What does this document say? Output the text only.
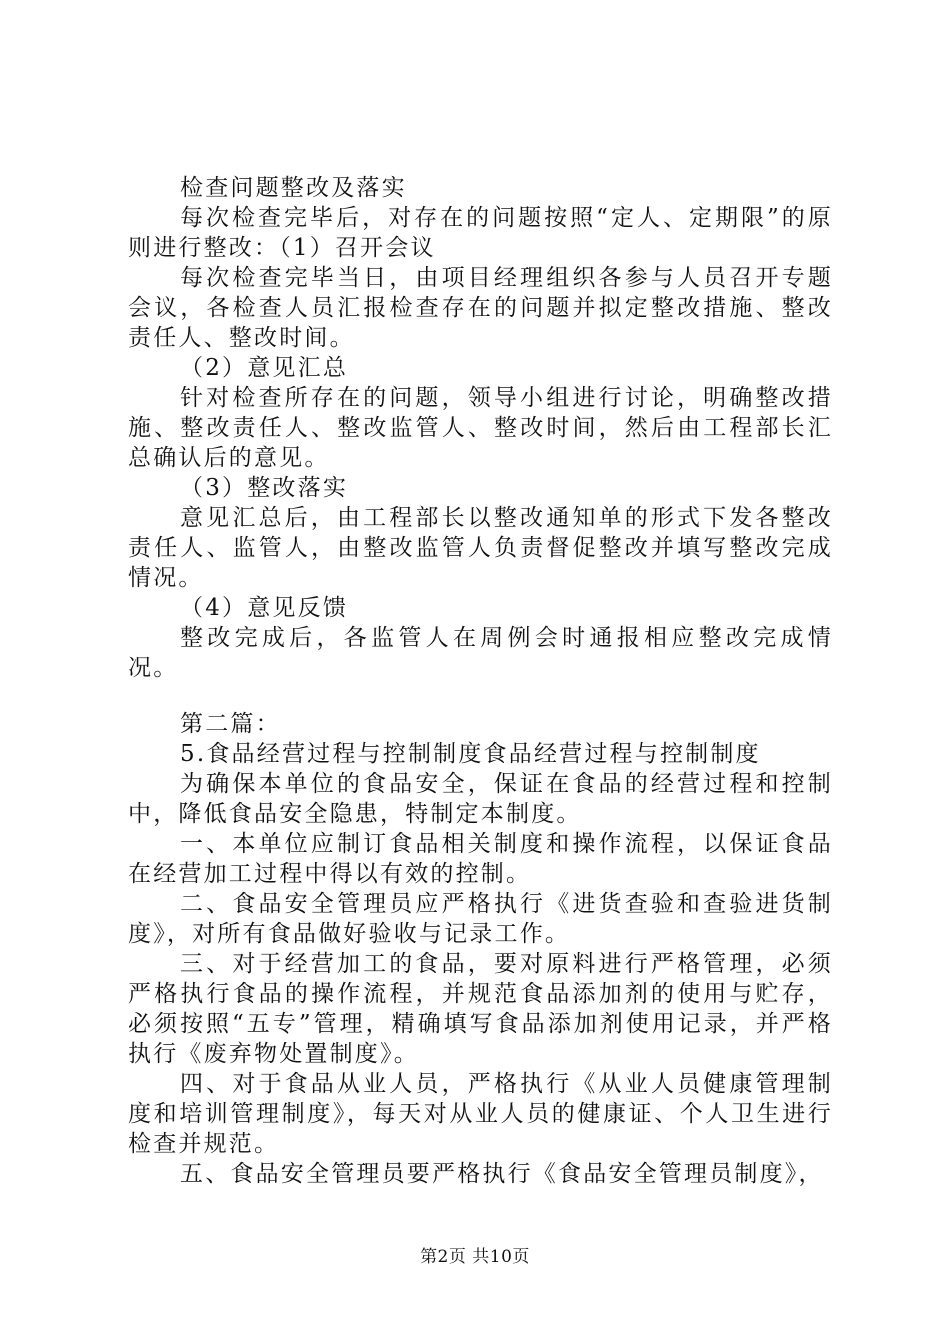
检查问题整改及落实

每次检查完毕后，对存在的问题按照“定人、定期限”的原则进行整改：（1）召开会议

每次检查完毕当日，由项目经理组织各参与人员召开专题会议，各检查人员汇报检查存在的问题并拟定整改措施、整改责任人、整改时间。

（2）意见汇总

针对检查所存在的问题，领导小组进行讨论，明确整改措施、整改责任人、整改监管人、整改时间，然后由工程部长汇总确认后的意见。

（3）整改落实

意见汇总后，由工程部长以整改通知单的形式下发各整改责任人、监管人，由整改监管人负责督促整改并填写整改完成情况。

（4）意见反馈

整改完成后，各监管人在周例会时通报相应整改完成情况。

第二篇：

5.食品经营过程与控制制度食品经营过程与控制制度

为确保本单位的食品安全，保证在食品的经营过程和控制中，降低食品安全隐患，特制定本制度。

一、本单位应制订食品相关制度和操作流程，以保证食品在经营加工过程中得以有效的控制。

二、食品安全管理员应严格执行《进货查验和查验进货制度》，对所有食品做好验收与记录工作。

三、对于经营加工的食品，要对原料进行严格管理，必须严格执行食品的操作流程，并规范食品添加剂的使用与贮存，必须按照“五专”管理，精确填写食品添加剂使用记录，并严格执行《废弃物处置制度》。

四、对于食品从业人员，严格执行《从业人员健康管理制度和培训管理制度》，每天对从业人员的健康证、个人卫生进行检查并规范。

五、食品安全管理员要严格执行《食品安全管理员制度》，

第2页 共10页
